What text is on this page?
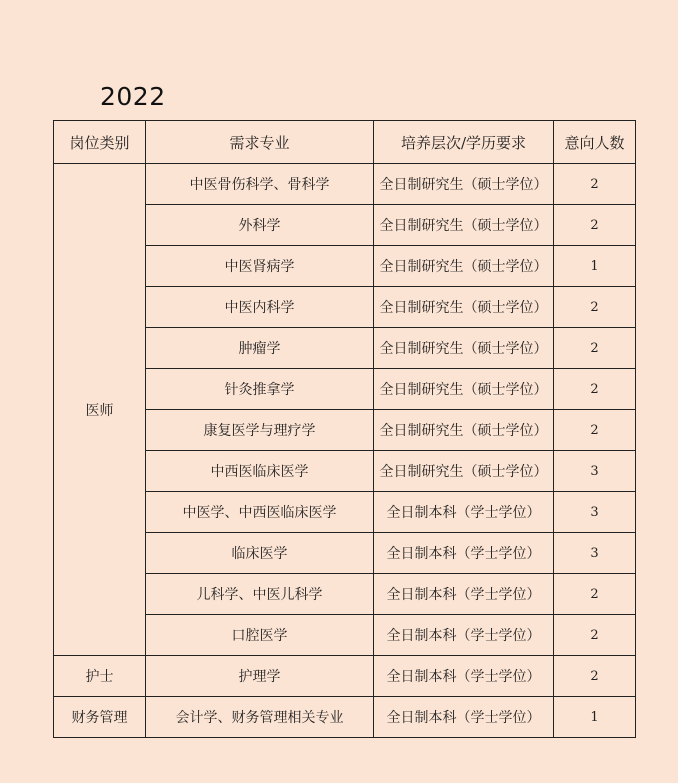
2022
岗位类别	需求专业	培养层次/学历要求	意向人数
医师	中医骨伤科学、骨科学	全日制研究生（硕士学位）	2
	外科学	全日制研究生（硕士学位）	2
	中医肾病学	全日制研究生（硕士学位）	1
	中医内科学	全日制研究生（硕士学位）	2
	肿瘤学	全日制研究生（硕士学位）	2
	针灸推拿学	全日制研究生（硕士学位）	2
	康复医学与理疗学	全日制研究生（硕士学位）	2
	中西医临床医学	全日制研究生（硕士学位）	3
	中医学、中西医临床医学	全日制本科（学士学位）	3
	临床医学	全日制本科（学士学位）	3
	儿科学、中医儿科学	全日制本科（学士学位）	2
	口腔医学	全日制本科（学士学位）	2
护士	护理学	全日制本科（学士学位）	2
财务管理	会计学、财务管理相关专业	全日制本科（学士学位）	1
